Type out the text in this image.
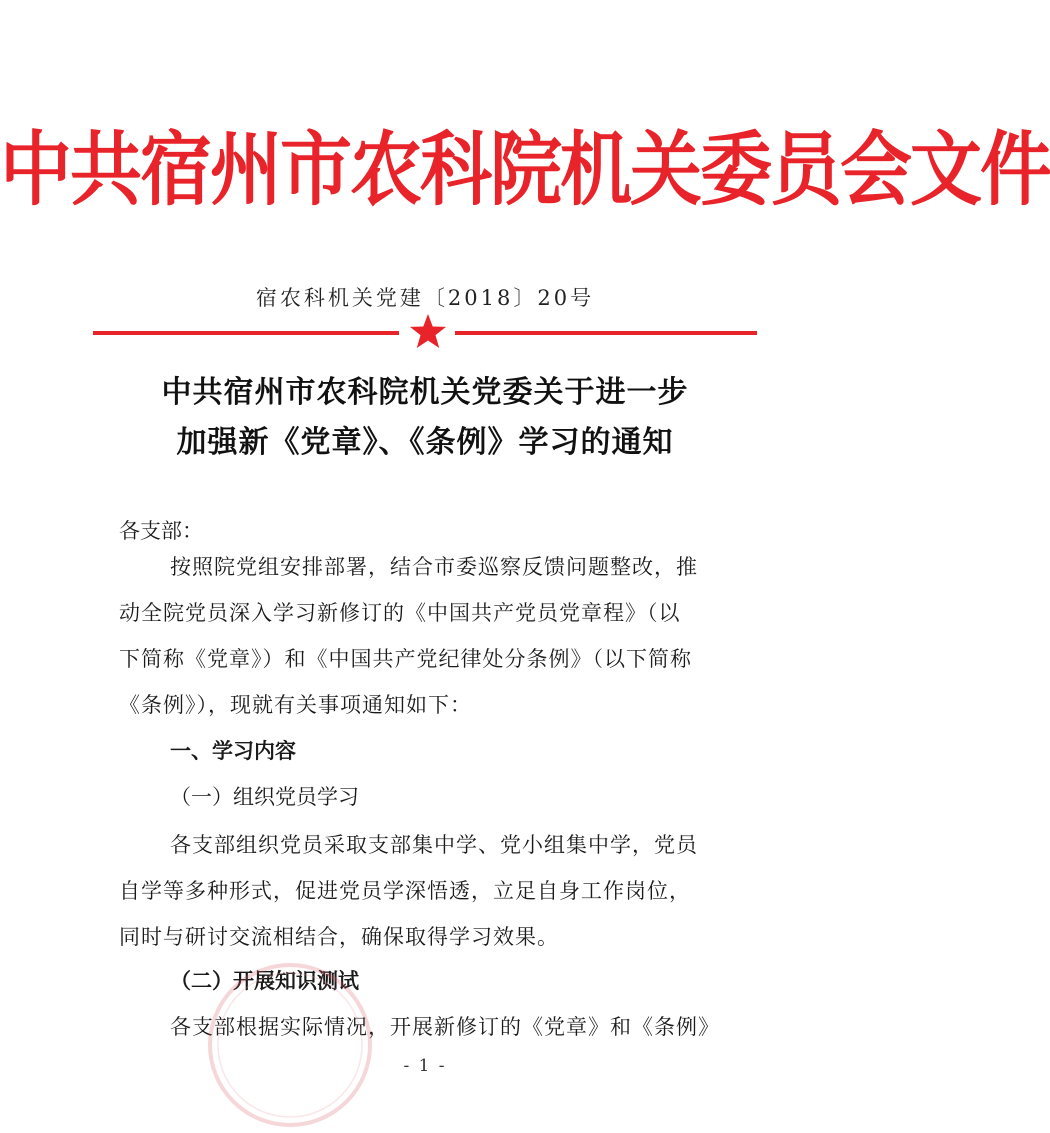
中共宿州市农科院机关委员会文件
宿农科机关党建〔2018〕20号
中共宿州市农科院机关党委关于进一步
加强新《党章》、《条例》学习的通知
各支部：
按照院党组安排部署，结合市委巡察反馈问题整改，推
动全院党员深入学习新修订的《中国共产党员党章程》（以
下简称《党章》）和《中国共产党纪律处分条例》（以下简称
《条例》），现就有关事项通知如下：
一、学习内容
（一）组织党员学习
各支部组织党员采取支部集中学、党小组集中学，党员
自学等多种形式，促进党员学深悟透，立足自身工作岗位，
同时与研讨交流相结合，确保取得学习效果。
（二）开展知识测试
各支部根据实际情况，开展新修订的《党章》和《条例》
- 1 -
